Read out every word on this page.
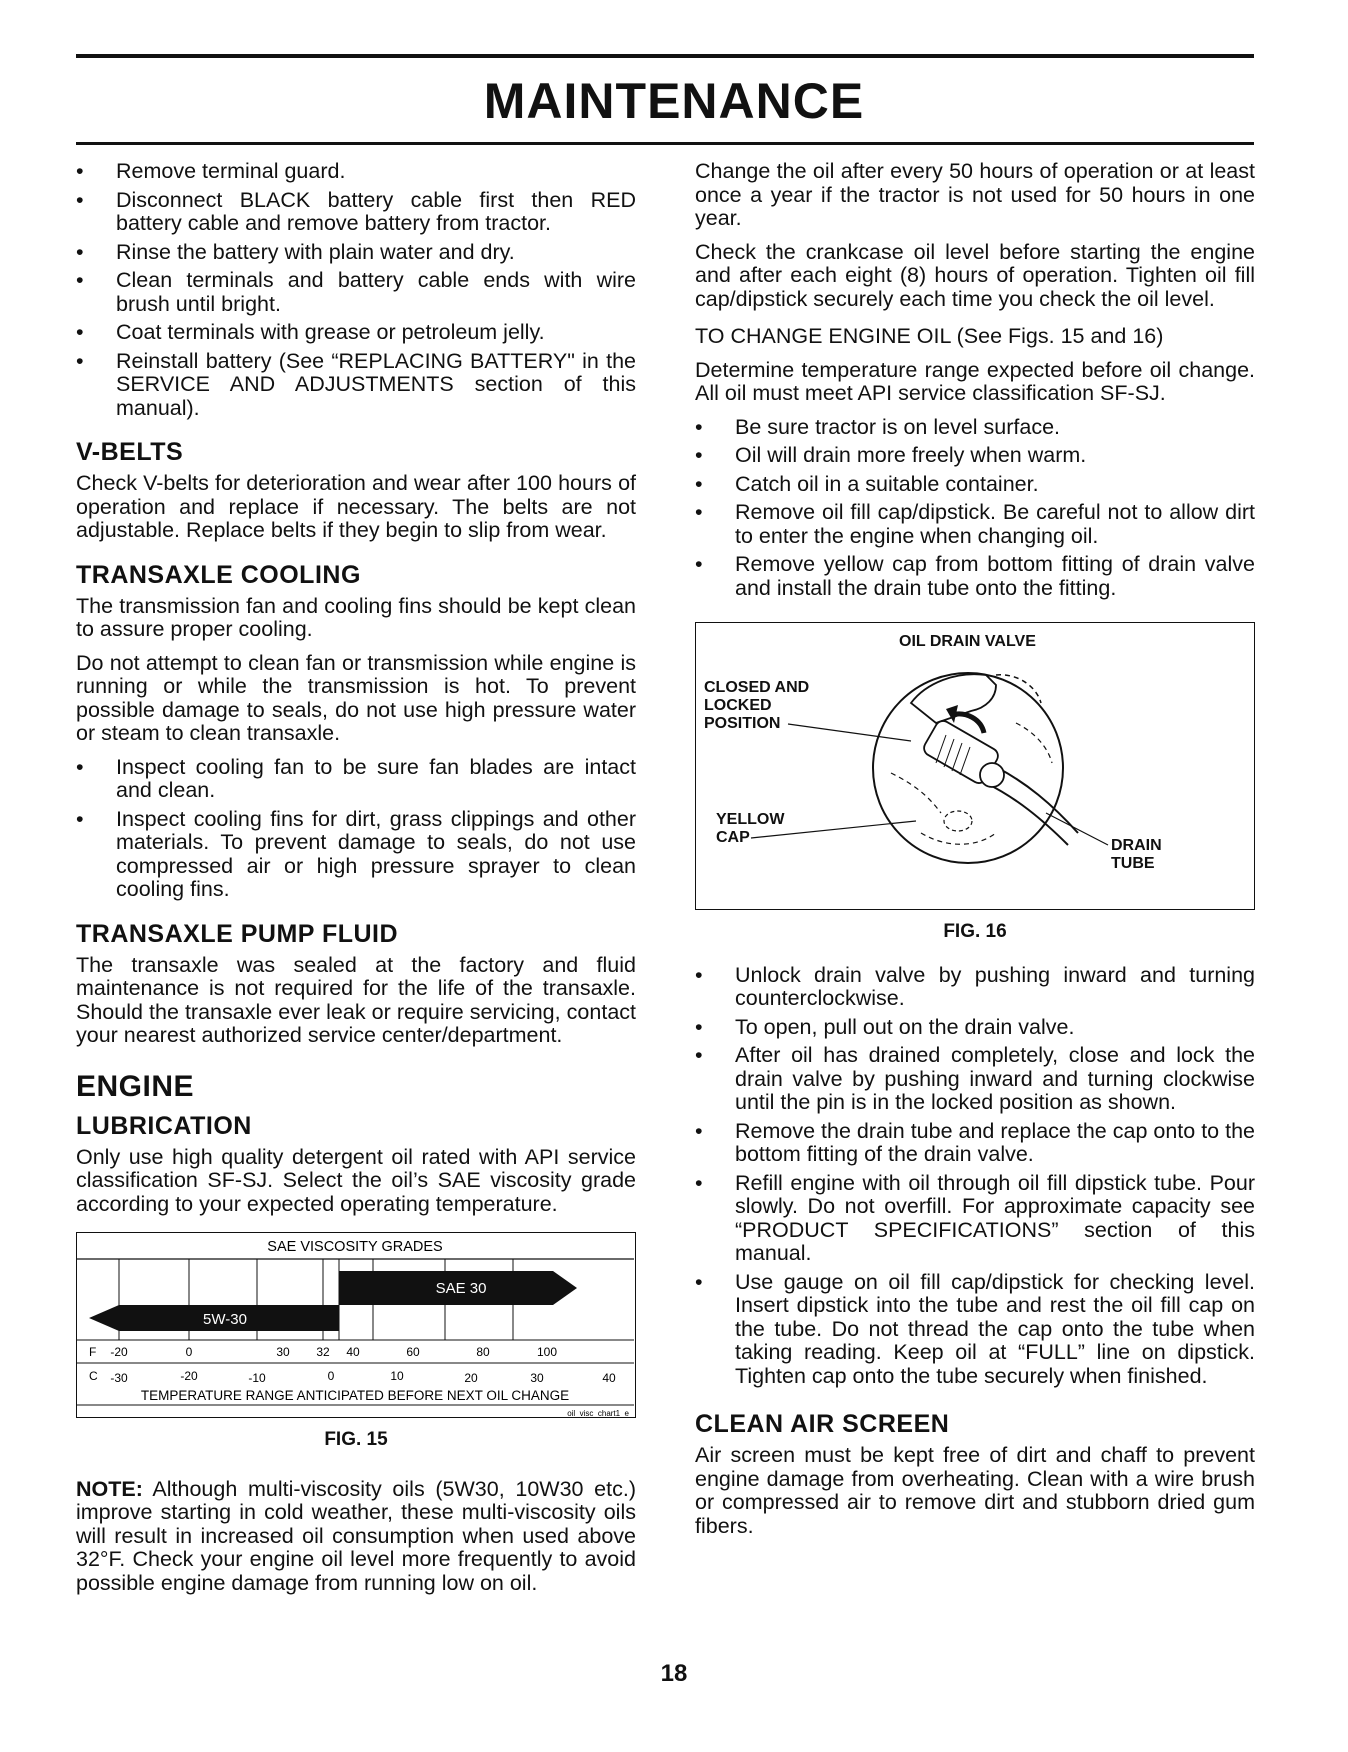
MAINTENANCE
• Remove terminal guard.
• Disconnect BLACK battery cable first then RED battery cable and remove battery from tractor.
• Rinse the battery with plain water and dry.
• Clean terminals and battery cable ends with wire brush until bright.
• Coat terminals with grease or petroleum jelly.
• Reinstall battery (See “REPLACING BATTERY" in the SERVICE AND ADJUSTMENTS section of this manual).
V-BELTS

Check V-belts for deterioration and wear after 100 hours of operation and replace if necessary. The belts are not adjustable. Replace belts if they begin to slip from wear.

TRANSAXLE COOLING

The transmission fan and cooling fins should be kept clean to assure proper cooling.

Do not attempt to clean fan or transmission while engine is running or while the transmission is hot. To prevent possible damage to seals, do not use high pressure water or steam to clean transaxle.

• Inspect cooling fan to be sure fan blades are intact and clean.
• Inspect cooling fins for dirt, grass clippings and other materials. To prevent damage to seals, do not use compressed air or high pressure sprayer to clean cooling fins.
TRANSAXLE PUMP FLUID

The transaxle was sealed at the factory and fluid maintenance is not required for the life of the transaxle. Should the transaxle ever leak or require servicing, contact your nearest authorized service center/department.

ENGINE
LUBRICATION

Only use high quality detergent oil rated with API service classification SF-SJ. Select the oil’s SAE viscosity grade according to your expected operating temperature.

SAE VISCOSITY GRADES
SAE 30
5W-30
F -20	0	30 32 40	60	80	100
C -30	-20	-10	0	10	20	30	40
TEMPERATURE RANGE ANTICIPATED BEFORE NEXT OIL CHANGE
oil_visc_chart1_e
FIG. 15

NOTE: Although multi-viscosity oils (5W30, 10W30 etc.) improve starting in cold weather, these multi-viscosity oils will result in increased oil consumption when used above 32°F. Check your engine oil level more frequently to avoid possible engine damage from running low on oil.

Change the oil after every 50 hours of operation or at least once a year if the tractor is not used for 50 hours in one year.

Check the crankcase oil level before starting the engine and after each eight (8) hours of operation. Tighten oil fill cap/dipstick securely each time you check the oil level.

TO CHANGE ENGINE OIL (See Figs. 15 and 16)

Determine temperature range expected before oil change. All oil must meet API service classification SF-SJ.

• Be sure tractor is on level surface.
• Oil will drain more freely when warm.
• Catch oil in a suitable container.
• Remove oil fill cap/dipstick. Be careful not to allow dirt to enter the engine when changing oil.
• Remove yellow cap from bottom fitting of drain valve and install the drain tube onto the fitting.
OIL DRAIN VALVE
CLOSED AND
LOCKED
POSITION
YELLOW
CAP	DRAIN
TUBE
FIG. 16
• Unlock drain valve by pushing inward and turning counterclockwise.
• To open, pull out on the drain valve.
• After oil has drained completely, close and lock the drain valve by pushing inward and turning clockwise until the pin is in the locked position as shown.
• Remove the drain tube and replace the cap onto to the bottom fitting of the drain valve.
• Refill engine with oil through oil fill dipstick tube. Pour slowly. Do not overfill. For approximate capacity see “PRODUCT SPECIFICATIONS” section of this manual.
• Use gauge on oil fill cap/dipstick for checking level. Insert dipstick into the tube and rest the oil fill cap on the tube. Do not thread the cap onto the tube when taking reading. Keep oil at “FULL” line on dipstick. Tighten cap onto the tube securely when finished.
CLEAN AIR SCREEN

Air screen must be kept free of dirt and chaff to prevent engine damage from overheating. Clean with a wire brush or compressed air to remove dirt and stubborn dried gum fibers.

18
